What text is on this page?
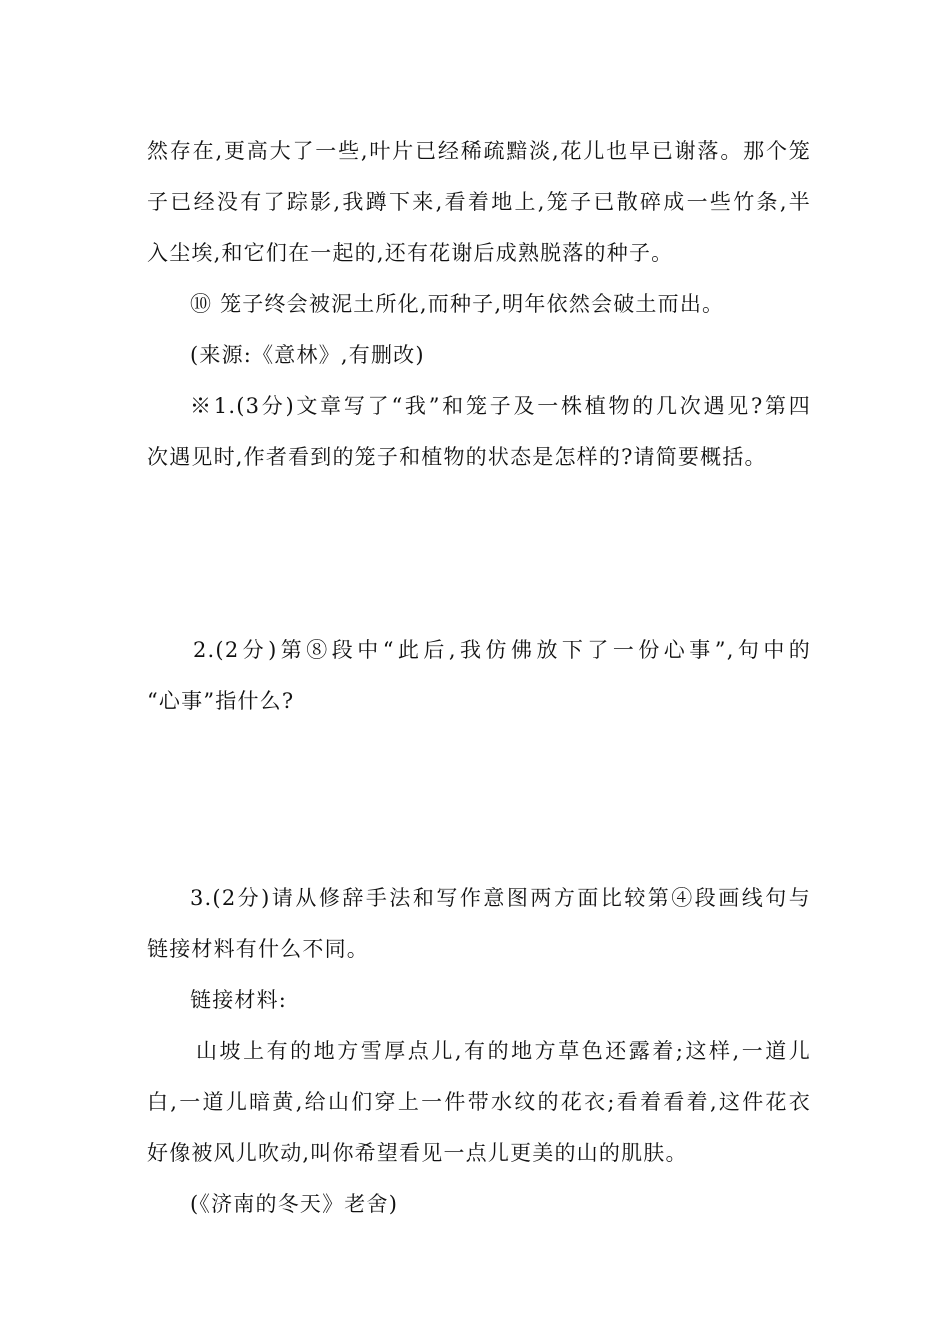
然存在,更高大了一些,叶片已经稀疏黯淡,花儿也早已谢落。那个笼
子已经没有了踪影,我蹲下来,看着地上,笼子已散碎成一些竹条,半
入尘埃,和它们在一起的,还有花谢后成熟脱落的种子。
⑩ 笼子终会被泥土所化,而种子,明年依然会破土而出。
(来源:《意林》,有删改)
※1.(3分)文章写了“我”和笼子及一株植物的几次遇见?第四
次遇见时,作者看到的笼子和植物的状态是怎样的?请简要概括。
2.(2分)第⑧段中“此后,我仿佛放下了一份心事”,句中的
“心事”指什么?
3.(2分)请从修辞手法和写作意图两方面比较第④段画线句与
链接材料有什么不同。
链接材料:
山坡上有的地方雪厚点儿,有的地方草色还露着;这样,一道儿
白,一道儿暗黄,给山们穿上一件带水纹的花衣;看着看着,这件花衣
好像被风儿吹动,叫你希望看见一点儿更美的山的肌肤。
(《济南的冬天》老舍)
